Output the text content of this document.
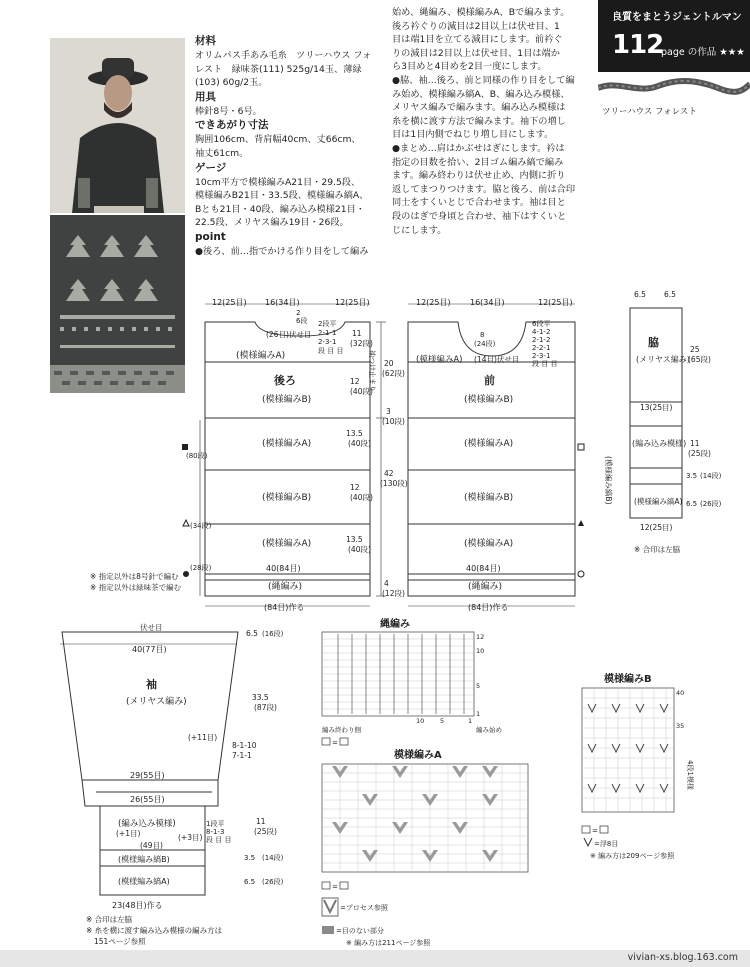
良質をまとうジェントルマン
112
page の作品 ★★★
ツリーハウス フォレスト
材料
オリムパス手あみ毛糸　ツリーハウス フォ
レスト　緑味茶(111) 525g/14玉、薄緑
(103) 60g/2玉。
用具
棒針8号・6号。
できあがり寸法
胸囲106cm、背肩幅40cm、丈66cm、
袖丈61cm。
ゲージ
10cm平方で模様編みA21目・29.5段、
模様編みB21目・33.5段、模様編み縞A、
Bとも21目・40段、編み込み模様21目・
22.5段、メリヤス編み19目・26段。
point
●後ろ、前…指でかける作り目をして編み
始め、縄編み、模様編みA、Bで編みます。
後ろ衿ぐりの減目は2目以上は伏せ目、1
目は端1目を立てる減目にします。前衿ぐ
りの減目は2目以上は伏せ目、1目は端か
ら3目めと4目めを2目一度にします。
●脇、袖…後ろ、前と同様の作り目をして編
み始め、模様編み縞A、B、編み込み模様、
メリヤス編みで編みます。編み込み模様は
糸を横に渡す方法で編みます。袖下の増し
目は1目内側でねじり増し目にします。
●まとめ…肩はかぶせはぎにします。衿は
指定の目数を拾い、2目ゴム編み縞で編み
ます。編み終わりは伏せ止め、内側に折り
返してまつりつけます。脇と後ろ、前は合印
同士をすくいとじで合わせます。袖は目と
段のはぎで身頃と合わせ、袖下はすくいと
じにします。
12(25目) 16(34目)	12(25目)
(26目)伏せ目
2段平
2-1-1
2-3-1
段 目 目
2
6段
11
(32段)
(模様編みA)
後ろ
(模様編みB)
(模様編みA)
(模様編みB)
(模様編みA)
(縄編み)
12
(40段)
13.5
(40段)
12
(40段)
13.5
(40段)
40(84目)
(84目)作る
(80段)
(34段)
(28段)
※ 指定以外は8号針で編む
※ 指定以外は緑味茶で編む
袖つけ止まり 20
(62段)
3
(10段)
42
(130段)
4
(12段)
12(25目) 16(34目)	12(25目)
8
(24段)
6段平
4-1-2
2-1-2
2-2-1
2-3-1
段 目 目
(模様編みA) (14目)伏せ目
前
(模様編みB)
(模様編みA)
(模様編みB)
(模様編みA)
(縄編み)
40(84目)
(84目)作る
6.5 6.5
脇
(メリヤス編み)
25
(65段)
13(25目)
(編み込み模様) 11
(25段)
(模様編み縞B)	(模様編み縞A)
3.5 (14段)
6.5 (26段)
12(25目)
※ 合印は左脇
伏せ目
40(77目)
袖
(メリヤス編み)
6.5 (16段)
33.5
(87段)
(+11目)
8-1-10
7-1-1
29(55目)
26(55目)
(編み込み模様)
(+1目)	(+3目)
(49目)
1段平
8-1-3
段 目 目
11
(25段)
(模様編み縞B)
(模様編み縞A)
3.5 (14段)
6.5 (26段)
23(48目)作る
※ 合印は左脇
※ 糸を横に渡す編み込み模様の編み方は
151ページ参照
縄編み
12
10
5
1
10 5	1
編み終わり側	編み始め
=
模様編みA
=
=プロセス参照
=目のない部分
※ 編み方は211ページ参照
模様編みB
40
35
4段1模様
=
=浮8目
※ 編み方は209ページ参照
vivian-xs.blog.163.com
